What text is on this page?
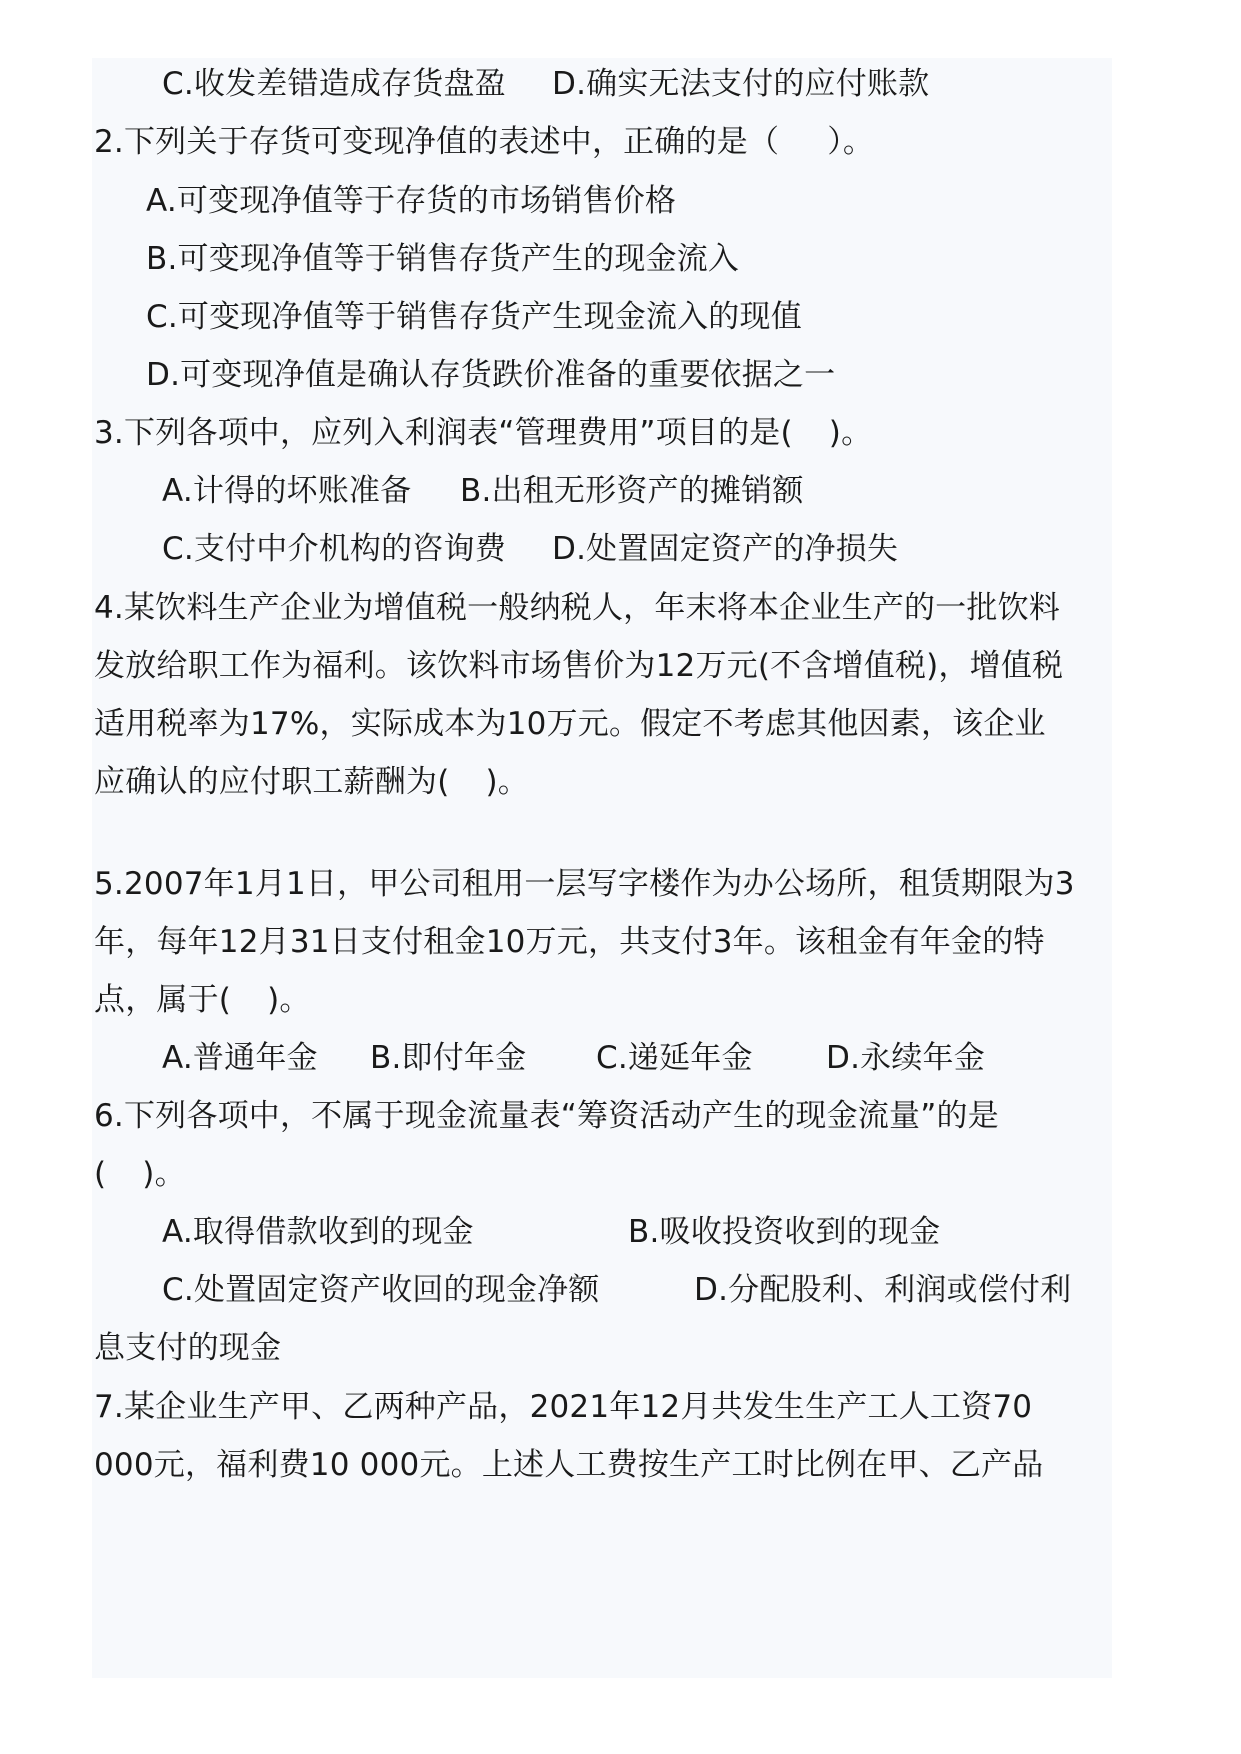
C.收发差错造成存货盘盈 D.确实无法支付的应付账款
2.下列关于存货可变现净值的表述中，正确的是（ ）。
A.可变现净值等于存货的市场销售价格
B.可变现净值等于销售存货产生的现金流入
C.可变现净值等于销售存货产生现金流入的现值
D.可变现净值是确认存货跌价准备的重要依据之一
3.下列各项中，应列入利润表“管理费用”项目的是( )。
A.计得的坏账准备 B.出租无形资产的摊销额
C.支付中介机构的咨询费 D.处置固定资产的净损失
4.某饮料生产企业为增值税一般纳税人，年末将本企业生产的一批饮料
发放给职工作为福利。该饮料市场售价为12万元(不含增值税)，增值税
适用税率为17%，实际成本为10万元。假定不考虑其他因素，该企业
应确认的应付职工薪酬为( )。
5.2007年1月1日，甲公司租用一层写字楼作为办公场所，租赁期限为3
年，每年12月31日支付租金10万元，共支付3年。该租金有年金的特
点，属于( )。
A.普通年金 B.即付年金 C.递延年金 D.永续年金
6.下列各项中，不属于现金流量表“筹资活动产生的现金流量”的是
( )。
A.取得借款收到的现金	B.吸收投资收到的现金
C.处置固定资产收回的现金净额	D.分配股利、利润或偿付利
息支付的现金
7.某企业生产甲、乙两种产品，2021年12月共发生生产工人工资70
000元，福利费10 000元。上述人工费按生产工时比例在甲、乙产品
